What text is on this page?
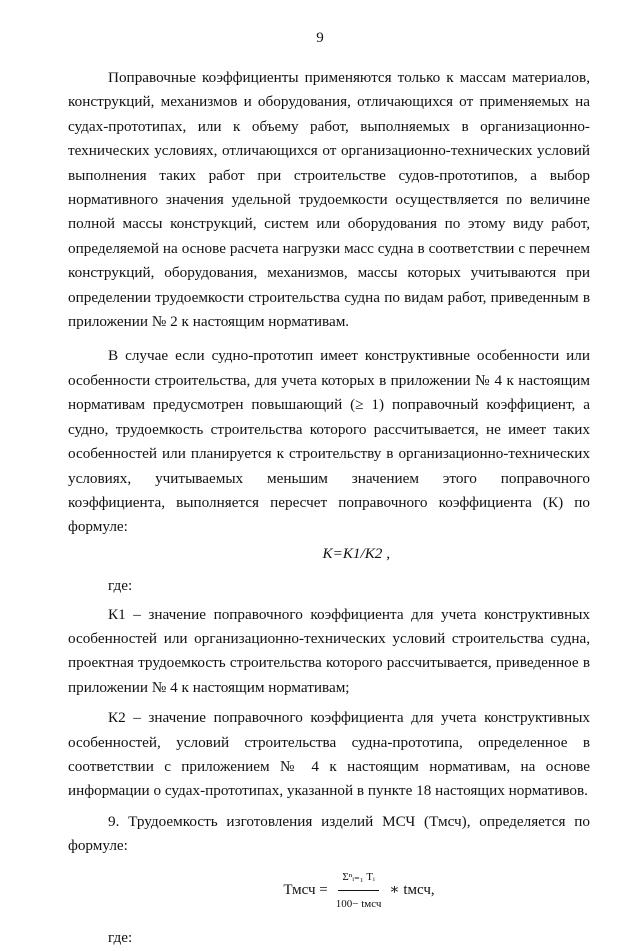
9

Поправочные коэффициенты применяются только к массам материалов, конструкций, механизмов и оборудования, отличающихся от применяемых на судах-прототипах, или к объему работ, выполняемых в организационно-технических условиях, отличающихся от организационно-технических условий выполнения таких работ при строительстве судов-прототипов, а выбор нормативного значения удельной трудоемкости осуществляется по величине полной массы конструкций, систем или оборудования по этому виду работ, определяемой на основе расчета нагрузки масс судна в соответствии с перечнем конструкций, оборудования, механизмов, массы которых учитываются при определении трудоемкости строительства судна по видам работ, приведенным в приложении № 2 к настоящим нормативам.

В случае если судно-прототип имеет конструктивные особенности или особенности строительства, для учета которых в приложении № 4 к настоящим нормативам предусмотрен повышающий (≥ 1) поправочный коэффициент, а судно, трудоемкость строительства которого рассчитывается, не имеет таких особенностей или планируется к строительству в организационно-технических условиях, учитываемых меньшим значением этого поправочного коэффициента, выполняется пересчет поправочного коэффициента (К) по формуле:

К=К1/К2 ,
где:

К1 – значение поправочного коэффициента для учета конструктивных особенностей или организационно-технических условий строительства судна, проектная трудоемкость строительства которого рассчитывается, приведенное в приложении № 4 к настоящим нормативам;

К2 – значение поправочного коэффициента для учета конструктивных особенностей, условий строительства судна-прототипа, определенное в соответствии с приложением № 4 к настоящим нормативам, на основе информации о судах-прототипах, указанной в пункте 18 настоящих нормативов.

9. Трудоемкость изготовления изделий МСЧ (Тмсч), определяется по формуле:

Тмсч = $\frac{\text{Σⁿᵢ₌₁ Tᵢ}}{\text{100− tмсч}}$ ∗ tмсч,
где:
